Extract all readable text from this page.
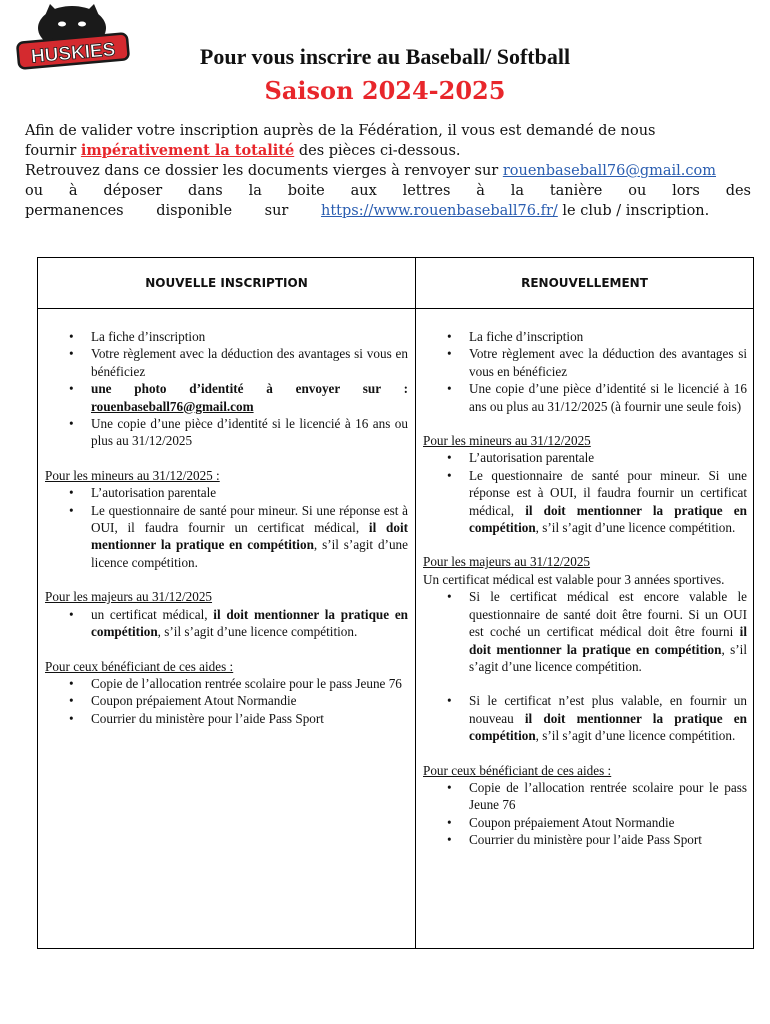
HUSKIES	Pour vous inscrire au Baseball/ Softball
Saison 2024-2025

Afin de valider votre inscription auprès de la Fédération, il vous est demandé de nous

fournir impérativement la totalité des pièces ci-dessous.

Retrouvez dans ce dossier les documents vierges à renvoyer sur rouenbaseball76@gmail.com

ou à déposer dans la boite aux lettres à la tanière ou lors des

permanences disponible sur https://www.rouenbaseball76.fr/ le club / inscription.

NOUVELLE INSCRIPTION	RENOUVELLEMENT
• La fiche d’inscription
• Votre règlement avec la déduction des avantages si vous en bénéficiez
• une photo d’identité à envoyer sur : rouenbaseball76@gmail.com
• Une copie d’une pièce d’identité si le licencié à 16 ans ou plus au 31/12/2025

Pour les mineurs au 31/12/2025 :

• L’autorisation parentale
• Le questionnaire de santé pour mineur. Si une réponse est à OUI, il faudra fournir un certificat médical, il doit mentionner la pratique en compétition, s’il s’agit d’une licence compétition.

Pour les majeurs au 31/12/2025

• un certificat médical, il doit mentionner la pratique en compétition, s’il s’agit d’une licence compétition.

Pour ceux bénéficiant de ces aides :

• Copie de l’allocation rentrée scolaire pour le pass Jeune 76
• Coupon prépaiement Atout Normandie
• Courrier du ministère pour l’aide Pass Sport
• La fiche d’inscription
• Votre règlement avec la déduction des avantages si vous en bénéficiez
• Une copie d’une pièce d’identité si le licencié à 16 ans ou plus au 31/12/2025 (à fournir une seule fois)

Pour les mineurs au 31/12/2025

• L’autorisation parentale
• Le questionnaire de santé pour mineur. Si une réponse est à OUI, il faudra fournir un certificat médical, il doit mentionner la pratique en compétition, s’il s’agit d’une licence compétition.

Pour les majeurs au 31/12/2025

Un certificat médical est valable pour 3 années sportives.

• Si le certificat médical est encore valable le questionnaire de santé doit être fourni. Si un OUI est coché un certificat médical doit être fourni il doit mentionner la pratique en compétition, s’il s’agit d’une licence compétition.
• Si le certificat n’est plus valable, en fournir un nouveau il doit mentionner la pratique en compétition, s’il s’agit d’une licence compétition.

Pour ceux bénéficiant de ces aides :

• Copie de l’allocation rentrée scolaire pour le pass Jeune 76
• Coupon prépaiement Atout Normandie
• Courrier du ministère pour l’aide Pass Sport
